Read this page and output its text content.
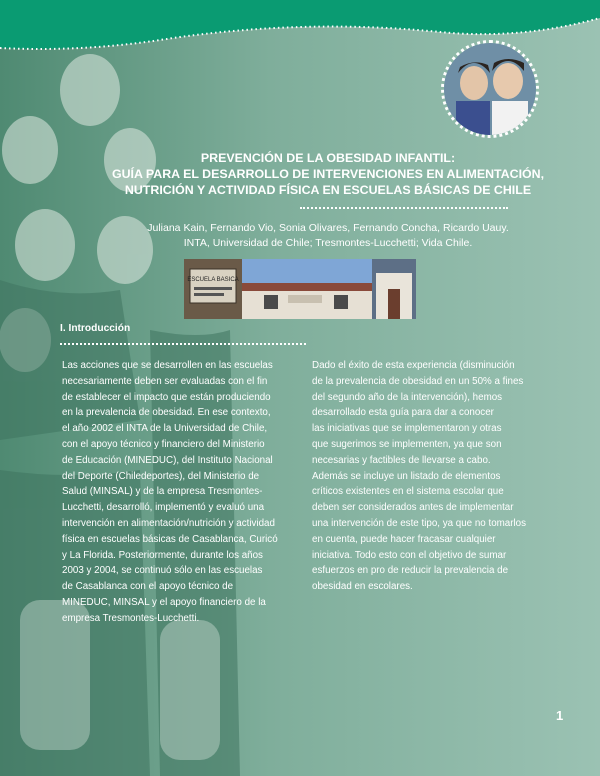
PREVENCIÓN DE LA OBESIDAD INFANTIL:
GUÍA PARA EL DESARROLLO DE INTERVENCIONES EN ALIMENTACIÓN,
NUTRICIÓN Y ACTIVIDAD FÍSICA EN ESCUELAS BÁSICAS DE CHILE
Juliana Kain, Fernando Vio, Sonia Olivares, Fernando Concha, Ricardo Uauy.
INTA, Universidad de Chile; Tresmontes-Lucchetti; Vida Chile.
ESCUELA BASICA
I. Introducción
Las acciones que se desarrollen en las escuelas
necesariamente deben ser evaluadas con el fin
de establecer el impacto que están produciendo
en la prevalencia de obesidad. En ese contexto,
el año 2002 el INTA de la Universidad de Chile,
con el apoyo técnico y financiero del Ministerio
de Educación (MINEDUC), del Instituto Nacional
del Deporte (Chiledeportes), del Ministerio de
Salud (MINSAL) y de la empresa Tresmontes-
Lucchetti, desarrolló, implementó y evaluó una
intervención en alimentación/nutrición y actividad
física en escuelas básicas de Casablanca, Curicó
y La Florida. Posteriormente, durante los años
2003 y 2004, se continuó sólo en las escuelas
de Casablanca con el apoyo técnico de
MINEDUC, MINSAL y el apoyo financiero de la
empresa Tresmontes-Lucchetti.
Dado el éxito de esta experiencia (disminución
de la prevalencia de obesidad en un 50% a fines
del segundo año de la intervención), hemos
desarrollado esta guía para dar a conocer
las iniciativas que se implementaron y otras
que sugerimos se implementen, ya que son
necesarias y factibles de llevarse a cabo.
Además se incluye un listado de elementos
críticos existentes en el sistema escolar que
deben ser considerados antes de implementar
una intervención de este tipo, ya que no tomarlos
en cuenta, puede hacer fracasar cualquier
iniciativa. Todo esto con el objetivo de sumar
esfuerzos en pro de reducir la prevalencia de
obesidad en escolares.
1
